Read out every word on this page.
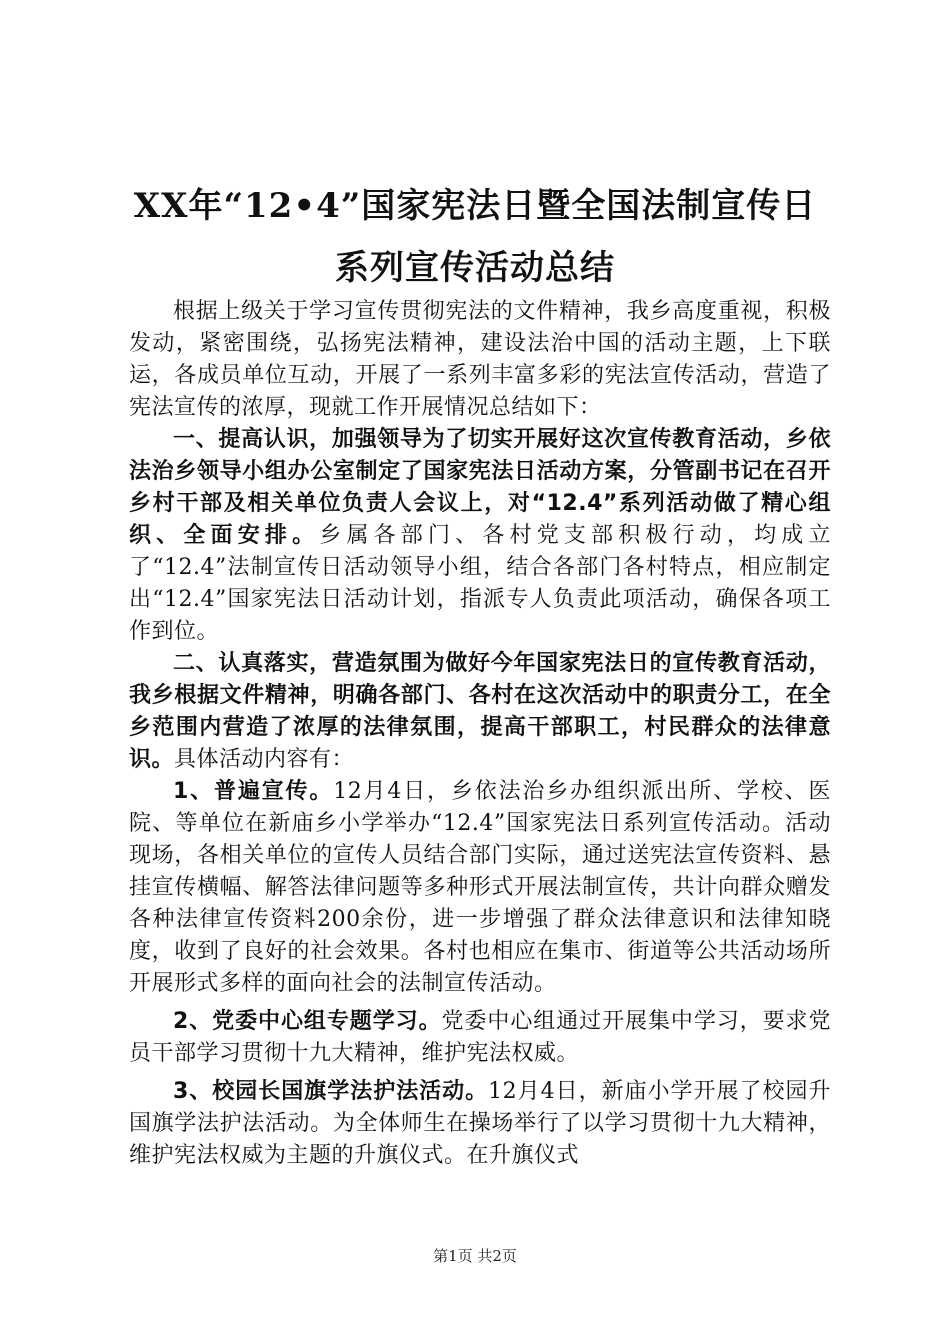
XX年“12•4”国家宪法日暨全国法制宣传日
系列宣传活动总结

根据上级关于学习宣传贯彻宪法的文件精神，我乡高度重视，积极发动，紧密围绕，弘扬宪法精神，建设法治中国的活动主题，上下联运，各成员单位互动，开展了一系列丰富多彩的宪法宣传活动，营造了宪法宣传的浓厚，现就工作开展情况总结如下：

一、提高认识，加强领导为了切实开展好这次宣传教育活动，乡依法治乡领导小组办公室制定了国家宪法日活动方案，分管副书记在召开乡村干部及相关单位负责人会议上，对“12.4”系列活动做了精心组织、全面安排。乡属各部门、各村党支部积极行动，均成立了“12.4”法制宣传日活动领导小组，结合各部门各村特点，相应制定出“12.4”国家宪法日活动计划，指派专人负责此项活动，确保各项工作到位。

二、认真落实，营造氛围为做好今年国家宪法日的宣传教育活动，我乡根据文件精神，明确各部门、各村在这次活动中的职责分工，在全乡范围内营造了浓厚的法律氛围，提高干部职工，村民群众的法律意识。具体活动内容有：

1、普遍宣传。12月4日，乡依法治乡办组织派出所、学校、医院、等单位在新庙乡小学举办“12.4”国家宪法日系列宣传活动。活动现场，各相关单位的宣传人员结合部门实际，通过送宪法宣传资料、悬挂宣传横幅、解答法律问题等多种形式开展法制宣传，共计向群众赠发各种法律宣传资料200余份，进一步增强了群众法律意识和法律知晓度，收到了良好的社会效果。各村也相应在集市、街道等公共活动场所开展形式多样的面向社会的法制宣传活动。

2、党委中心组专题学习。党委中心组通过开展集中学习，要求党员干部学习贯彻十九大精神，维护宪法权威。

3、校园长国旗学法护法活动。12月4日，新庙小学开展了校园升国旗学法护法活动。为全体师生在操场举行了以学习贯彻十九大精神，维护宪法权威为主题的升旗仪式。在升旗仪式

第1页 共2页
